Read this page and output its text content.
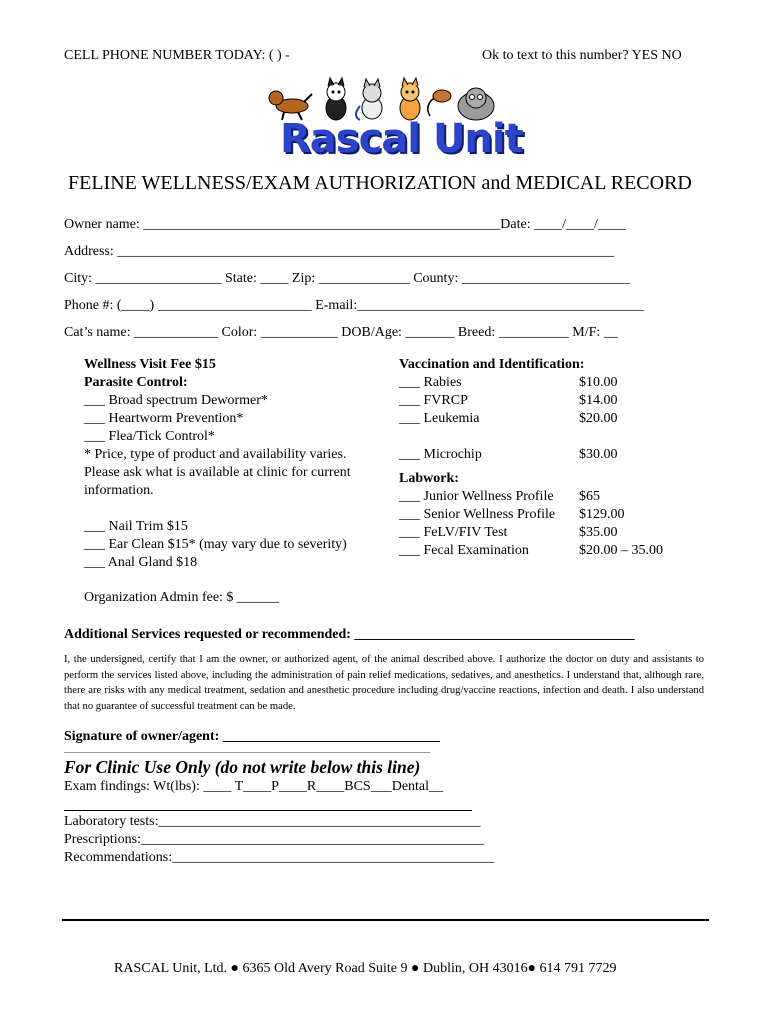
CELL PHONE NUMBER TODAY: ( ) -	Ok to text to this number? YES NO
Rascal Unit
FELINE WELLNESS/EXAM AUTHORIZATION and MEDICAL RECORD
Owner name: ___________________________________________________Date: ____/____/____
Address: _______________________________________________________________________
City: __________________ State: ____ Zip: _____________ County: ________________________
Phone #: (____) ______________________ E-mail:_________________________________________
Cat’s name: ____________ Color: ___________ DOB/Age: _______ Breed: __________ M/F: __
Wellness Visit Fee $15
Parasite Control:
___ Broad spectrum Dewormer*
___ Heartworm Prevention*
___ Flea/Tick Control*
* Price, type of product and availability varies.
Please ask what is available at clinic for current
information.
___ Nail Trim $15
___ Ear Clean $15* (may vary due to severity)
___ Anal Gland $18
Organization Admin fee: $ ______
Vaccination and Identification:
___ Rabies	$10.00
___ FVRCP	$14.00
___ Leukemia	$20.00
___ Microchip	$30.00
Labwork:
___ Junior Wellness Profile	$65
___ Senior Wellness Profile	$129.00
___ FeLV/FIV Test	$35.00
___ Fecal Examination	$20.00 – 35.00
Additional Services requested or recommended: ________________________________________
I, the undersigned, certify that I am the owner, or authorized agent, of the animal described above. I authorize the doctor on duty and assistants to perform the services listed above, including the administration of pain relief medications, sedatives, and anesthetics. I understand that, although rare, there are risks with any medical treatment, sedation and anesthetic procedure including drug/vaccine reactions, infection and death. I also understand that no guarantee of successful treatment can be made.
Signature of owner/agent: _______________________________
For Clinic Use Only (do not write below this line)
Exam findings: Wt(lbs): ____ T____P____R____BCS___Dental__
Laboratory tests:______________________________________________
Prescriptions:_________________________________________________
Recommendations:______________________________________________
RASCAL Unit, Ltd. ● 6365 Old Avery Road Suite 9 ● Dublin, OH 43016● 614 791 7729
